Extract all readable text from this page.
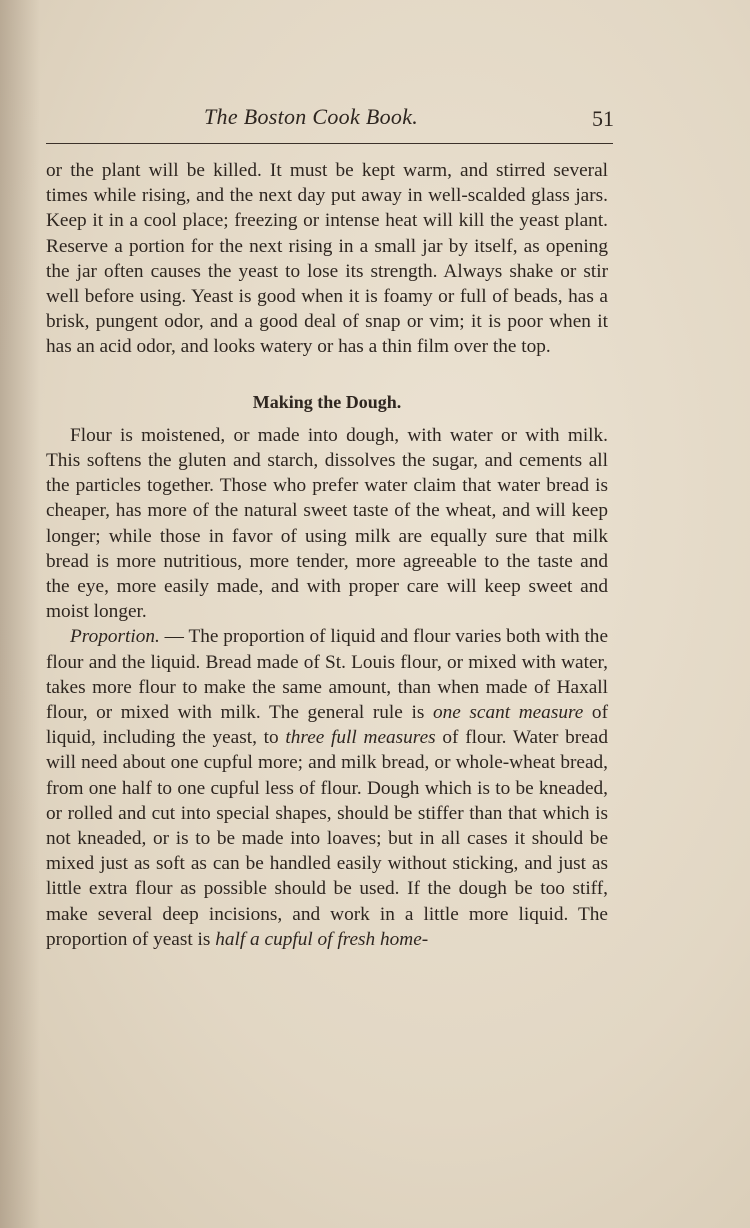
The Boston Cook Book.	51

or the plant will be killed. It must be kept warm, and stirred several times while rising, and the next day put away in well-scalded glass jars. Keep it in a cool place; freezing or intense heat will kill the yeast plant. Reserve a portion for the next rising in a small jar by itself, as opening the jar often causes the yeast to lose its strength. Always shake or stir well before using. Yeast is good when it is foamy or full of beads, has a brisk, pungent odor, and a good deal of snap or vim; it is poor when it has an acid odor, and looks watery or has a thin film over the top.

Making the Dough.

Flour is moistened, or made into dough, with water or with milk. This softens the gluten and starch, dissolves the sugar, and cements all the particles together. Those who prefer water claim that water bread is cheaper, has more of the natural sweet taste of the wheat, and will keep longer; while those in favor of using milk are equally sure that milk bread is more nutritious, more tender, more agreeable to the taste and the eye, more easily made, and with proper care will keep sweet and moist longer.

Proportion. — The proportion of liquid and flour varies both with the flour and the liquid. Bread made of St. Louis flour, or mixed with water, takes more flour to make the same amount, than when made of Haxall flour, or mixed with milk. The general rule is one scant measure of liquid, including the yeast, to three full measures of flour. Water bread will need about one cupful more; and milk bread, or whole-wheat bread, from one half to one cupful less of flour. Dough which is to be kneaded, or rolled and cut into special shapes, should be stiffer than that which is not kneaded, or is to be made into loaves; but in all cases it should be mixed just as soft as can be handled easily without sticking, and just as little extra flour as possible should be used. If the dough be too stiff, make several deep incisions, and work in a little more liquid. The proportion of yeast is half a cupful of fresh home-
